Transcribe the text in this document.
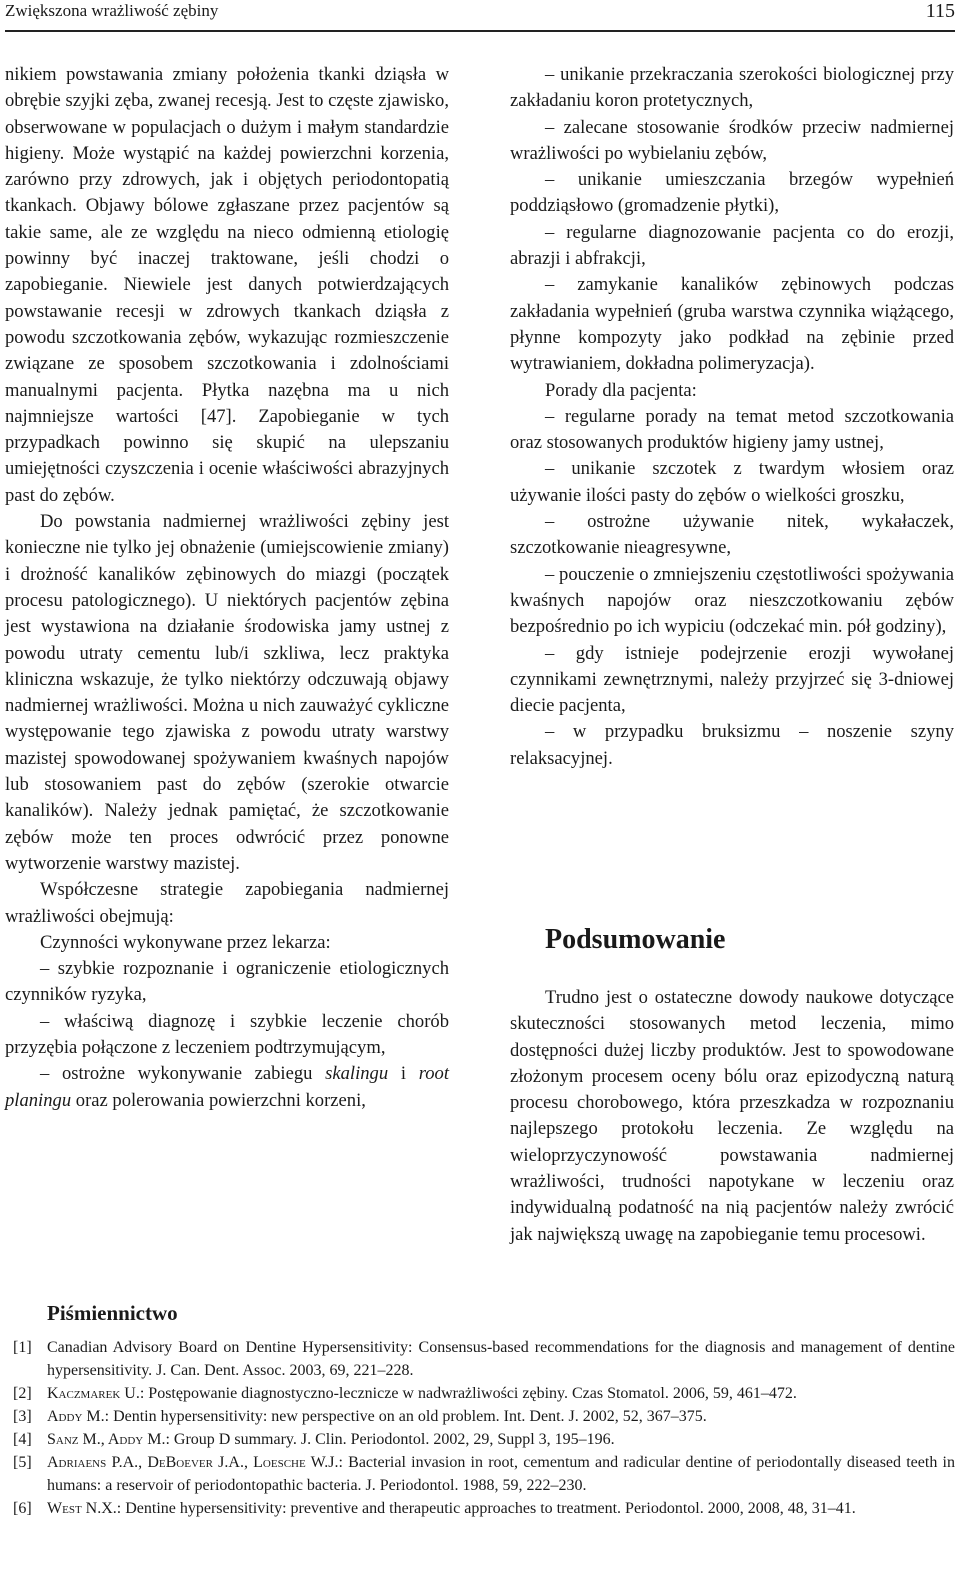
Zwiększona wrażliwość zębiny	115

nikiem powstawania zmiany położenia tkanki dziąsła w obrębie szyjki zęba, zwanej recesją. Jest to częste zjawisko, obserwowane w populacjach o dużym i małym standardzie higieny. Może wystąpić na każdej powierzchni korzenia, zarówno przy zdrowych, jak i objętych periodontopatią tkankach. Objawy bólowe zgłaszane przez pacjentów są takie same, ale ze względu na nieco odmienną etiologię powinny być inaczej traktowane, jeśli chodzi o zapobieganie. Niewiele jest danych potwierdzających powstawanie recesji w zdrowych tkankach dziąsła z powodu szczotkowania zębów, wykazując rozmieszczenie związane ze sposobem szczotkowania i zdolnościami manualnymi pacjenta. Płytka nazębna ma u nich najmniejsze wartości [47]. Zapobieganie w tych przypadkach powinno się skupić na ulepszaniu umiejętności czyszczenia i ocenie właściwości abrazyjnych past do zębów.

Do powstania nadmiernej wrażliwości zębiny jest konieczne nie tylko jej obnażenie (umiejscowienie zmiany) i drożność kanalików zębinowych do miazgi (początek procesu patologicznego). U niektórych pacjentów zębina jest wystawiona na działanie środowiska jamy ustnej z powodu utraty cementu lub/i szkliwa, lecz praktyka kliniczna wskazuje, że tylko niektórzy odczuwają objawy nadmiernej wrażliwości. Można u nich zauważyć cykliczne występowanie tego zjawiska z powodu utraty warstwy mazistej spowodowanej spożywaniem kwaśnych napojów lub stosowaniem past do zębów (szerokie otwarcie kanalików). Należy jednak pamiętać, że szczotkowanie zębów może ten proces odwrócić przez ponowne wytworzenie warstwy mazistej.

Współczesne strategie zapobiegania nadmiernej wrażliwości obejmują:

Czynności wykonywane przez lekarza:

– szybkie rozpoznanie i ograniczenie etiologicznych czynników ryzyka,

– właściwą diagnozę i szybkie leczenie chorób przyzębia połączone z leczeniem podtrzymującym,

– ostrożne wykonywanie zabiegu skalingu i root planingu oraz polerowania powierzchni korzeni,

– unikanie przekraczania szerokości biologicznej przy zakładaniu koron protetycznych,

– zalecane stosowanie środków przeciw nadmiernej wrażliwości po wybielaniu zębów,

– unikanie umieszczania brzegów wypełnień poddziąsłowo (gromadzenie płytki),

– regularne diagnozowanie pacjenta co do erozji, abrazji i abfrakcji,

– zamykanie kanalików zębinowych podczas zakładania wypełnień (gruba warstwa czynnika wiążącego, płynne kompozyty jako podkład na zębinie przed wytrawianiem, dokładna polimeryzacja).

Porady dla pacjenta:

– regularne porady na temat metod szczotkowania oraz stosowanych produktów higieny jamy ustnej,

– unikanie szczotek z twardym włosiem oraz używanie ilości pasty do zębów o wielkości groszku,

– ostrożne używanie nitek, wykałaczek, szczotkowanie nieagresywne,

– pouczenie o zmniejszeniu częstotliwości spożywania kwaśnych napojów oraz nieszczotkowaniu zębów bezpośrednio po ich wypiciu (odczekać min. pół godziny),

– gdy istnieje podejrzenie erozji wywołanej czynnikami zewnętrznymi, należy przyjrzeć się 3-dniowej diecie pacjenta,

– w przypadku bruksizmu – noszenie szyny relaksacyjnej.

Podsumowanie

Trudno jest o ostateczne dowody naukowe dotyczące skuteczności stosowanych metod leczenia, mimo dostępności dużej liczby produktów. Jest to spowodowane złożonym procesem oceny bólu oraz epizodyczną naturą procesu chorobowego, która przeszkadza w rozpoznaniu najlepszego protokołu leczenia. Ze względu na wieloprzyczynowość powstawania nadmiernej wrażliwości, trudności napotykane w leczeniu oraz indywidualną podatność na nią pacjentów należy zwrócić jak największą uwagę na zapobieganie temu procesowi.

Piśmiennictwo
[1] Canadian Advisory Board on Dentine Hypersensitivity: Consensus-based recommendations for the diagnosis and management of dentine hypersensitivity. J. Can. Dent. Assoc. 2003, 69, 221–228.
[2] Kaczmarek U.: Postępowanie diagnostyczno-lecznicze w nadwrażliwości zębiny. Czas Stomatol. 2006, 59, 461–472.
[3] Addy M.: Dentin hypersensitivity: new perspective on an old problem. Int. Dent. J. 2002, 52, 367–375.
[4] Sanz M., Addy M.: Group D summary. J. Clin. Periodontol. 2002, 29, Suppl 3, 195–196.
[5] Adriaens P.A., DeBoever J.A., Loesche W.J.: Bacterial invasion in root, cementum and radicular dentine of periodontally diseased teeth in humans: a reservoir of periodontopathic bacteria. J. Periodontol. 1988, 59, 222–230.
[6] West N.X.: Dentine hypersensitivity: preventive and therapeutic approaches to treatment. Periodontol. 2000, 2008, 48, 31–41.
